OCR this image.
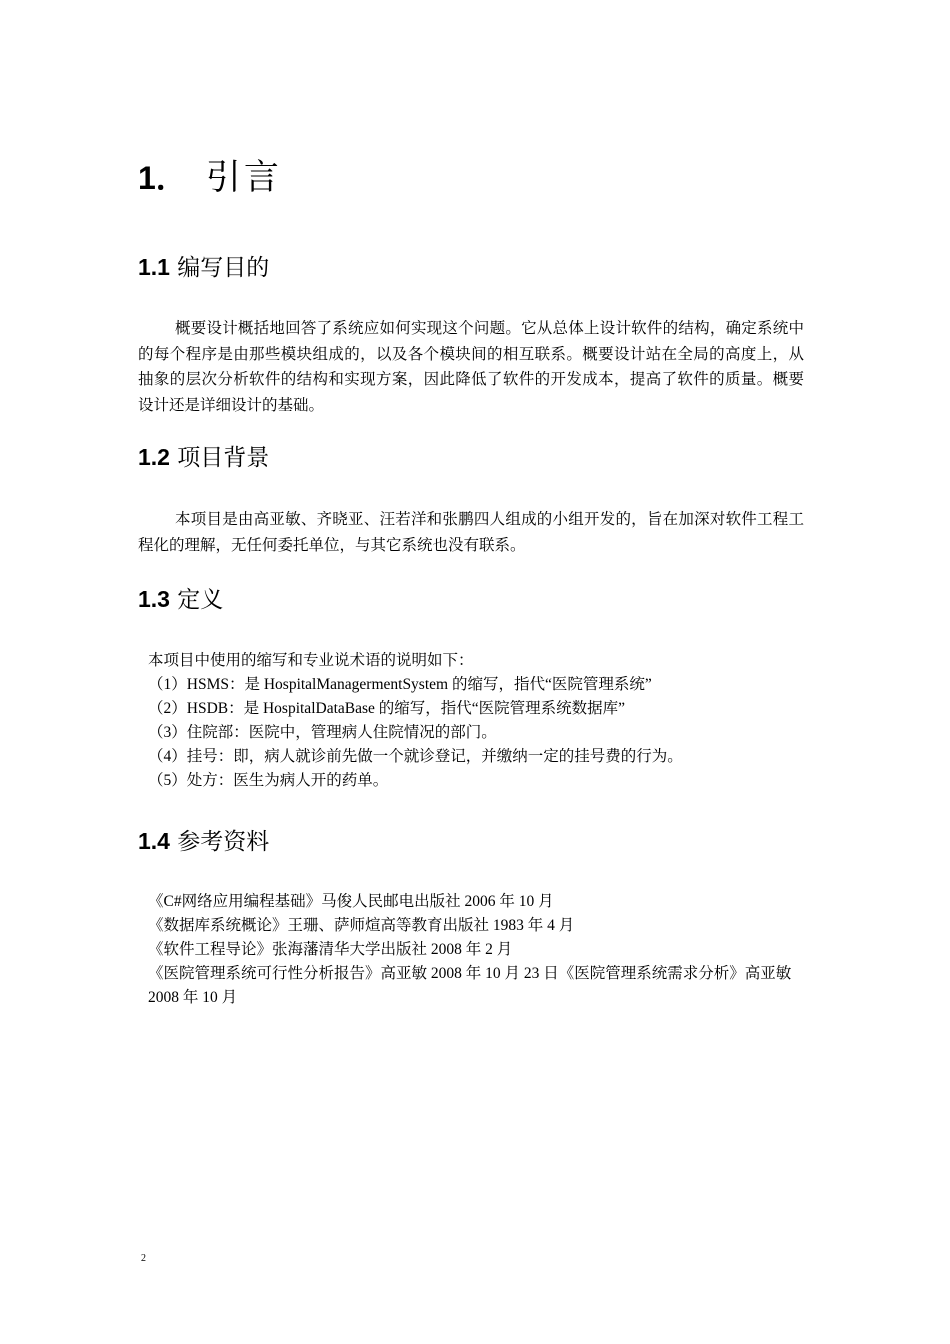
1． 引言
1.1 编写目的

概要设计概括地回答了系统应如何实现这个问题。它从总体上设计软件的结构，确定系统中的每个程序是由那些模块组成的，以及各个模块间的相互联系。概要设计站在全局的高度上，从抽象的层次分析软件的结构和实现方案，因此降低了软件的开发成本，提高了软件的质量。概要设计还是详细设计的基础。

1.2 项目背景

本项目是由高亚敏、齐晓亚、汪若洋和张鹏四人组成的小组开发的，旨在加深对软件工程工程化的理解，无任何委托单位，与其它系统也没有联系。

1.3 定义
本项目中使用的缩写和专业说术语的说明如下：
（1）HSMS：是 HospitalManagermentSystem 的缩写，指代“医院管理系统”
（2）HSDB：是 HospitalDataBase 的缩写，指代“医院管理系统数据库”
（3）住院部：医院中，管理病人住院情况的部门。
（4）挂号：即，病人就诊前先做一个就诊登记，并缴纳一定的挂号费的行为。
（5）处方：医生为病人开的药单。
1.4 参考资料
《C#网络应用编程基础》马俊人民邮电出版社 2006 年 10 月
《数据库系统概论》王珊、萨师煊高等教育出版社 1983 年 4 月
《软件工程导论》张海藩清华大学出版社 2008 年 2 月
《医院管理系统可行性分析报告》高亚敏 2008 年 10 月 23 日《医院管理系统需求分析》高亚敏 2008 年 10 月
2
